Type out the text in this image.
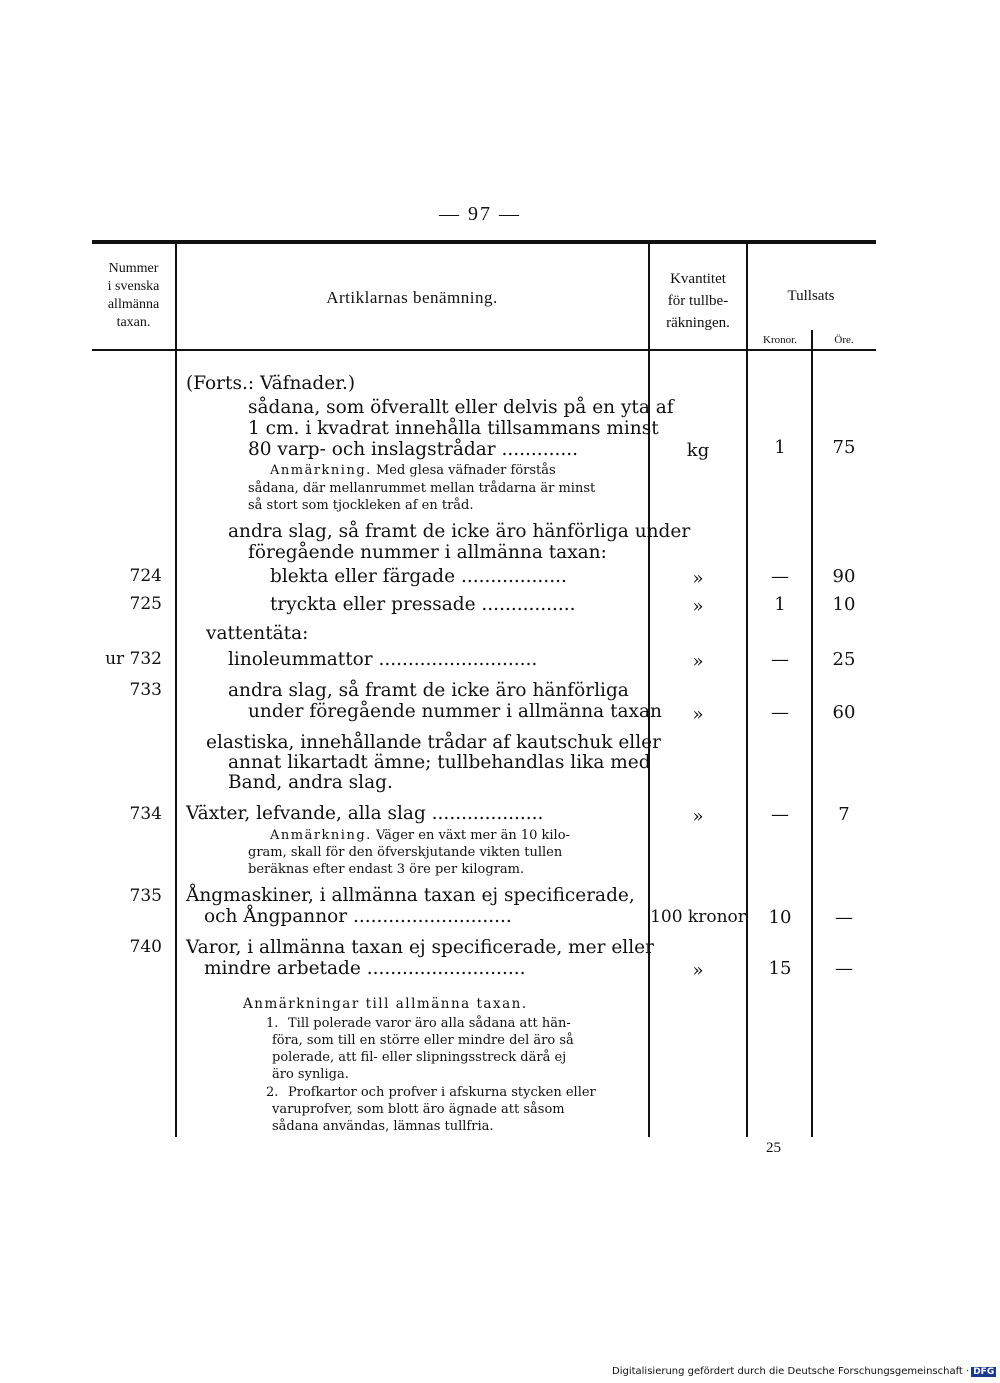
— 97 —
Nummer
i svenska
allmänna
taxan.
Artiklarnas benämning.
Kvantitet
för tullbe-
räkningen.
Tullsats
Kronor.	Öre.
(Forts.: Väfnader.)
sådana, som öfverallt eller delvis på en yta af
1 cm. i kvadrat innehålla tillsammans minst
80 varp- och inslagstrådar .............	kg	1	75
Anmärkning. Med glesa väfnader förstås
sådana, där mellanrummet mellan trådarna är minst
så stort som tjockleken af en tråd.
andra slag, så framt de icke äro hänförliga under
föregående nummer i allmänna taxan:
724	blekta eller färgade ..................	»	—	90
725	tryckta eller pressade ................	»	1	10
vattentäta:
ur 732	linoleummattor ...........................	»	—	25
733	andra slag, så framt de icke äro hänförliga
under föregående nummer i allmänna taxan	»	—	60
elastiska, innehållande trådar af kautschuk eller
annat likartadt ämne; tullbehandlas lika med
Band, andra slag.
734 Växter, lefvande, alla slag ...................	»	—	7
Anmärkning. Väger en växt mer än 10 kilo-
gram, skall för den öfverskjutande vikten tullen
beräknas efter endast 3 öre per kilogram.
735 Ångmaskiner, i allmänna taxan ej specificerade,
och Ångpannor ...........................	100 kronor	10	—
740 Varor, i allmänna taxan ej specificerade, mer eller
mindre arbetade ...........................	»	15	—
Anmärkningar till allmänna taxan.
1. Till polerade varor äro alla sådana att hän-
föra, som till en större eller mindre del äro så
polerade, att fil- eller slipningsstreck därå ej
äro synliga.
2. Profkartor och profver i afskurna stycken eller
varuprofver, som blott äro ägnade att såsom
sådana användas, lämnas tullfria.
25
Digitalisierung gefördert durch die Deutsche Forschungsgemeinschaft · DFG
